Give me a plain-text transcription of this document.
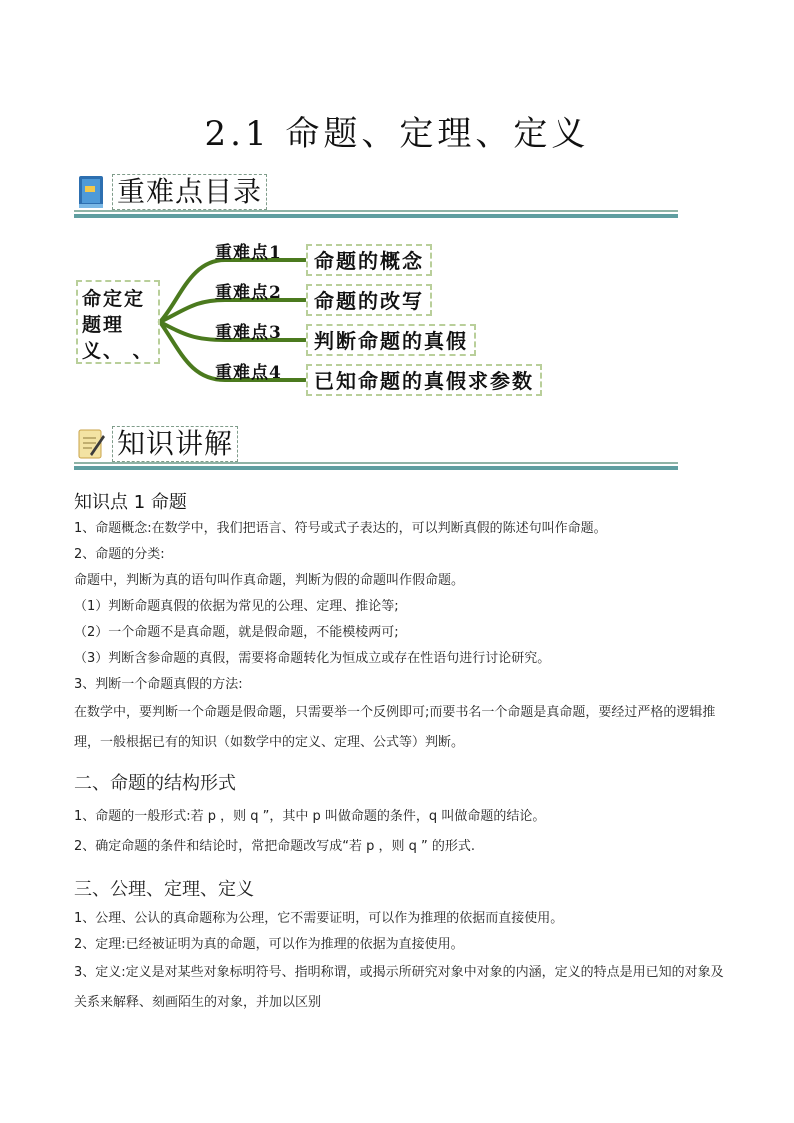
2.1 命题、定理、定义
重难点目录
命定定题理义、 、
重难点1	命题的概念
重难点2	命题的改写
重难点3	判断命题的真假
重难点4	已知命题的真假求参数
知识讲解
知识点 1 命题
1、命题概念:在数学中，我们把语言、符号或式子表达的，可以判断真假的陈述句叫作命题。
2、命题的分类:
命题中，判断为真的语句叫作真命题，判断为假的命题叫作假命题。
（1）判断命题真假的依据为常见的公理、定理、推论等;
（2）一个命题不是真命题，就是假命题，不能模棱两可;
（3）判断含参命题的真假，需要将命题转化为恒成立或存在性语句进行讨论研究。
3、判断一个命题真假的方法:
在数学中，要判断一个命题是假命题，只需要举一个反例即可;而要书名一个命题是真命题，要经过严格的逻辑推理，一般根据已有的知识（如数学中的定义、定理、公式等）判断。
二、命题的结构形式
1、命题的一般形式:若 p ，则 q ”，其中 p 叫做命题的条件，q 叫做命题的结论。
2、确定命题的条件和结论时，常把命题改写成“若 p ，则 q ” 的形式.
三、公理、定理、定义
1、公理、公认的真命题称为公理，它不需要证明，可以作为推理的依据而直接使用。
2、定理:已经被证明为真的命题，可以作为推理的依据为直接使用。
3、定义:定义是对某些对象标明符号、指明称谓，或揭示所研究对象中对象的内涵，定义的特点是用已知的对象及关系来解释、刻画陌生的对象，并加以区别
